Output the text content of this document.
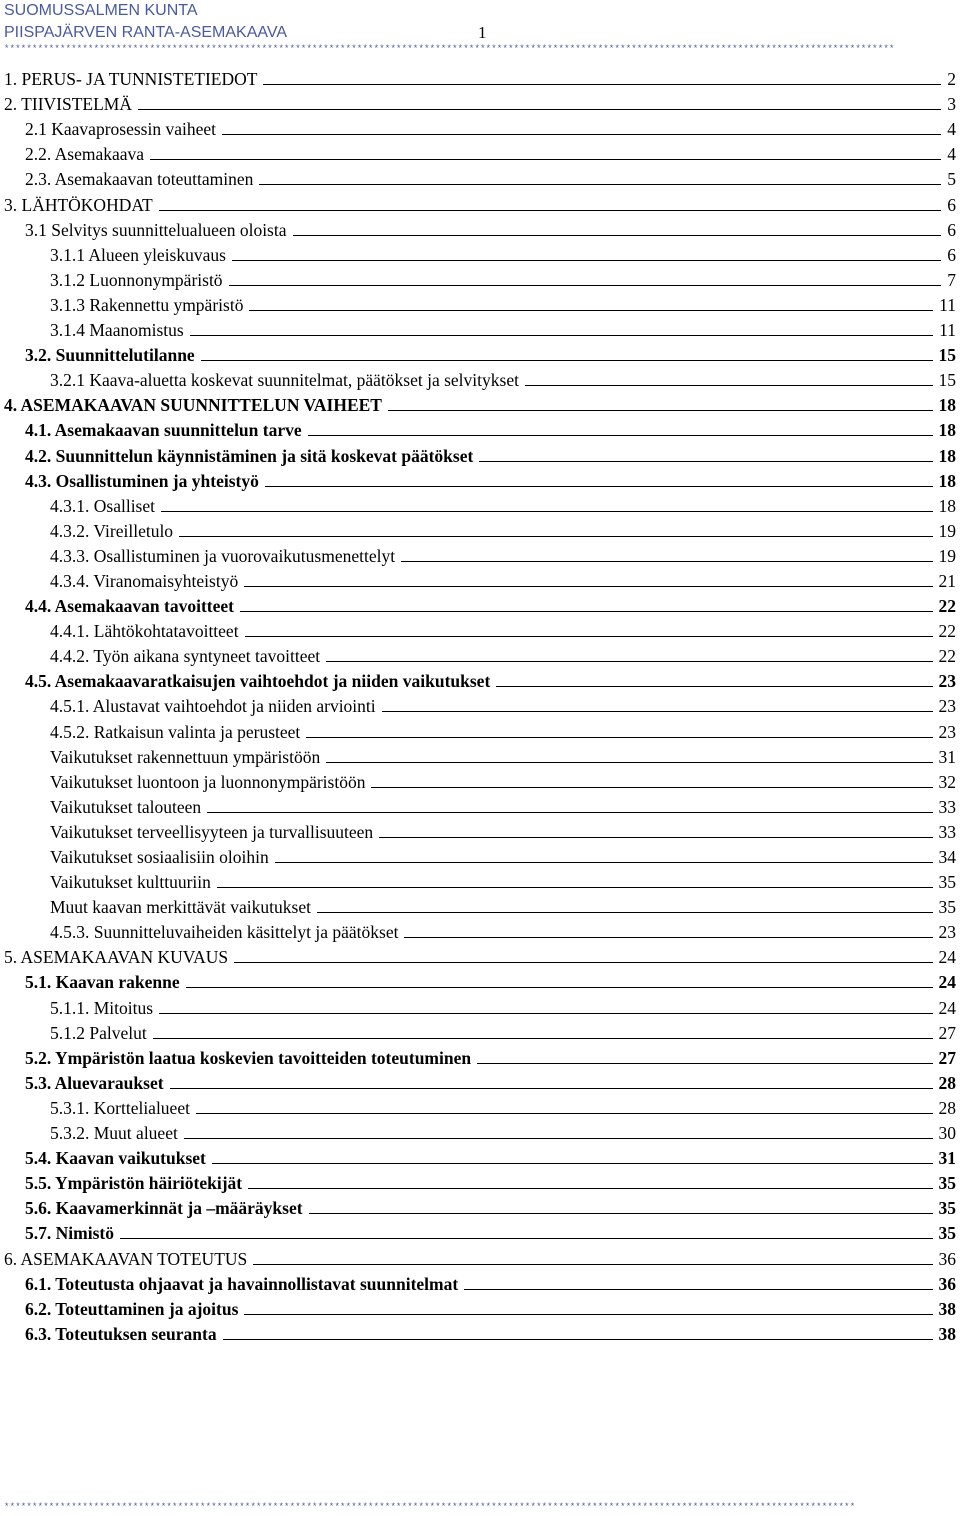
SUOMUSSALMEN KUNTA
PIISPAJÄRVEN RANTA-ASEMAKAAVA	1
***************************************************************************************************************************************************************
1. PERUS- JA TUNNISTETIEDOT	2
2. TIIVISTELMÄ	3
2.1 Kaavaprosessin vaiheet	4
2.2. Asemakaava	4
2.3. Asemakaavan toteuttaminen	5
3. LÄHTÖKOHDAT	6
3.1 Selvitys suunnittelualueen oloista	6
3.1.1 Alueen yleiskuvaus	6
3.1.2 Luonnonympäristö	7
3.1.3 Rakennettu ympäristö	11
3.1.4 Maanomistus	11
3.2. Suunnittelutilanne	15
3.2.1 Kaava-aluetta koskevat suunnitelmat, päätökset ja selvitykset	15
4. ASEMAKAAVAN SUUNNITTELUN VAIHEET	18
4.1. Asemakaavan suunnittelun tarve	18
4.2. Suunnittelun käynnistäminen ja sitä koskevat päätökset	18
4.3. Osallistuminen ja yhteistyö	18
4.3.1. Osalliset	18
4.3.2. Vireilletulo	19
4.3.3. Osallistuminen ja vuorovaikutusmenettelyt	19
4.3.4. Viranomaisyhteistyö	21
4.4. Asemakaavan tavoitteet	22
4.4.1. Lähtökohtatavoitteet	22
4.4.2. Työn aikana syntyneet tavoitteet	22
4.5. Asemakaavaratkaisujen vaihtoehdot ja niiden vaikutukset	23
4.5.1. Alustavat vaihtoehdot ja niiden arviointi	23
4.5.2. Ratkaisun valinta ja perusteet	23
Vaikutukset rakennettuun ympäristöön	31
Vaikutukset luontoon ja luonnonympäristöön	32
Vaikutukset talouteen	33
Vaikutukset terveellisyyteen ja turvallisuuteen	33
Vaikutukset sosiaalisiin oloihin	34
Vaikutukset kulttuuriin	35
Muut kaavan merkittävät vaikutukset	35
4.5.3. Suunnitteluvaiheiden käsittelyt ja päätökset	23
5. ASEMAKAAVAN KUVAUS	24
5.1. Kaavan rakenne	24
5.1.1. Mitoitus	24
5.1.2 Palvelut	27
5.2. Ympäristön laatua koskevien tavoitteiden toteutuminen	27
5.3. Aluevaraukset	28
5.3.1. Korttelialueet	28
5.3.2. Muut alueet	30
5.4. Kaavan vaikutukset	31
5.5. Ympäristön häiriötekijät	35
5.6. Kaavamerkinnät ja –määräykset	35
5.7. Nimistö	35
6. ASEMAKAAVAN TOTEUTUS	36
6.1. Toteutusta ohjaavat ja havainnollistavat suunnitelmat	36
6.2. Toteuttaminen ja ajoitus	38
6.3. Toteutuksen seuranta	38
********************************************************************************************************************************************************
